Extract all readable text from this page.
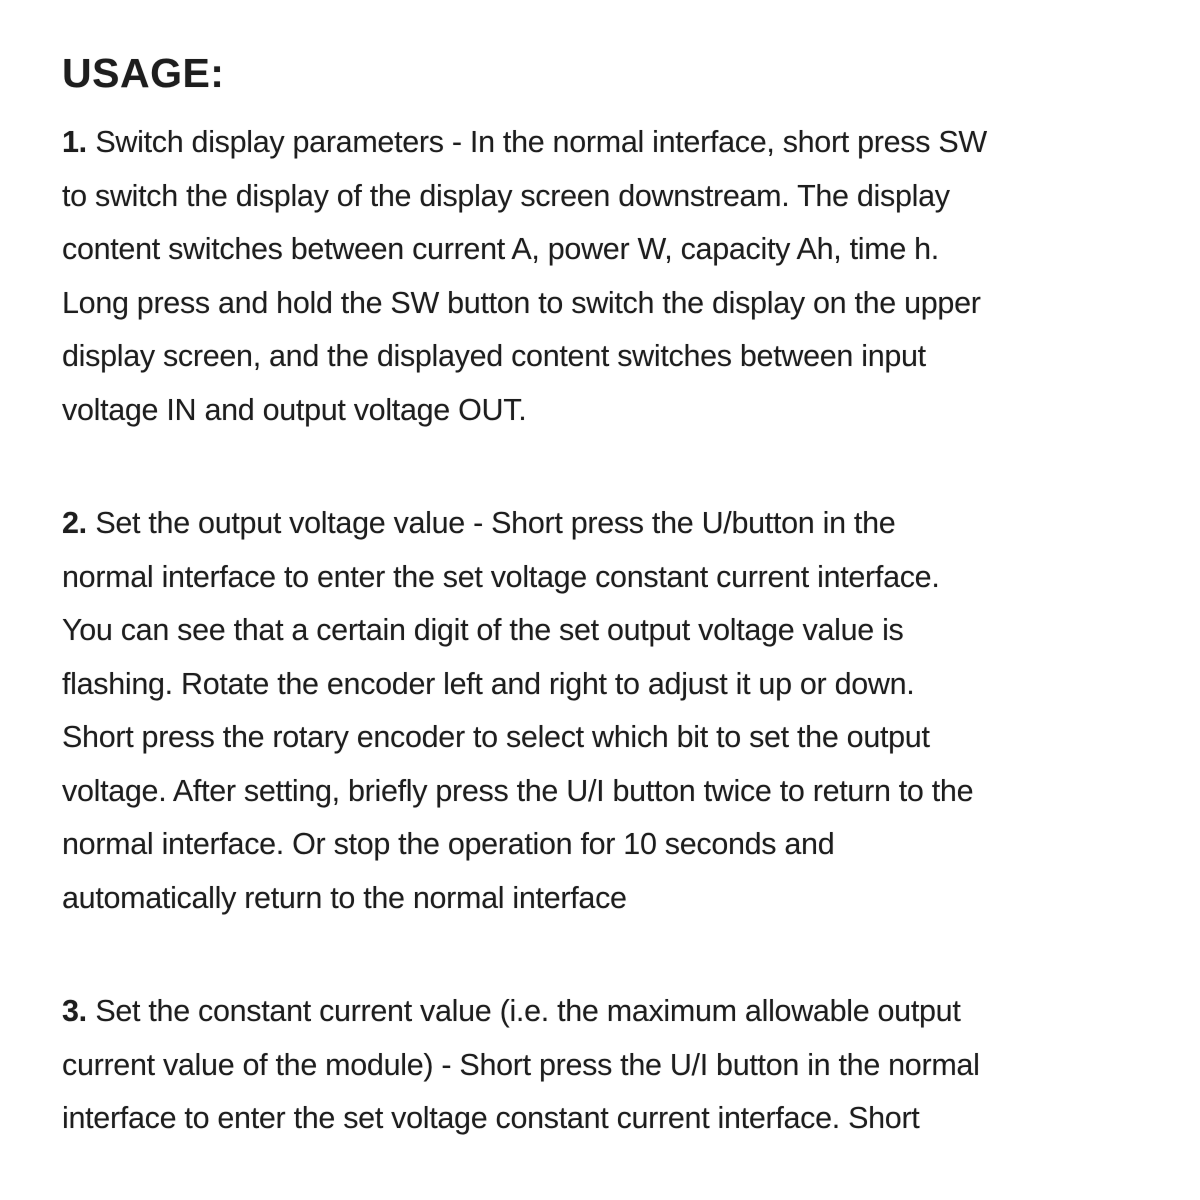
USAGE:
1. Switch display parameters - In the normal interface, short press SW
to switch the display of the display screen downstream. The display
content switches between current A, power W, capacity Ah, time h.
Long press and hold the SW button to switch the display on the upper
display screen, and the displayed content switches between input
voltage IN and output voltage OUT.
2. Set the output voltage value - Short press the U/button in the
normal interface to enter the set voltage constant current interface.
You can see that a certain digit of the set output voltage value is
flashing. Rotate the encoder left and right to adjust it up or down.
Short press the rotary encoder to select which bit to set the output
voltage. After setting, briefly press the U/I button twice to return to the
normal interface. Or stop the operation for 10 seconds and
automatically return to the normal interface
3. Set the constant current value (i.e. the maximum allowable output
current value of the module) - Short press the U/I button in the normal
interface to enter the set voltage constant current interface. Short
